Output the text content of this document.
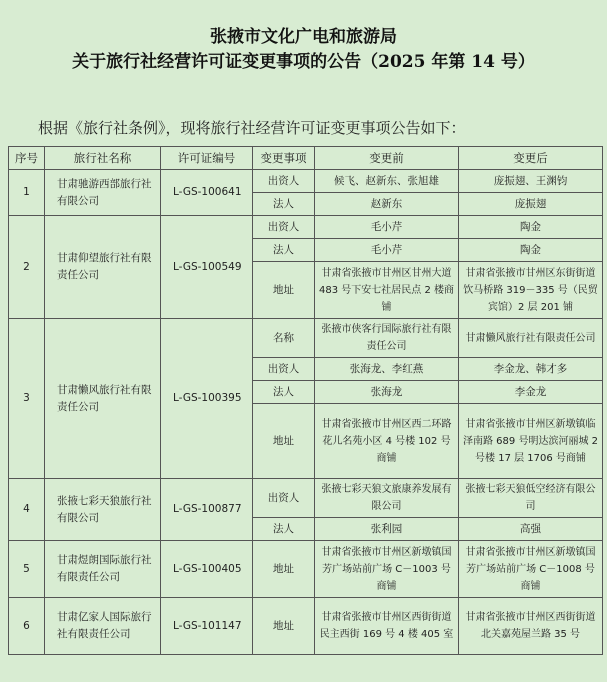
张掖市文化广电和旅游局
关于旅行社经营许可证变更事项的公告（2025 年第 14 号）
根据《旅行社条例》，现将旅行社经营许可证变更事项公告如下：
序号	旅行社名称	许可证编号	变更事项	变更前	变更后
1	甘肃驰游西部旅行社有限公司	L-GS-100641	出资人	候飞、赵新东、张旭雄	庞振翅、王渊钧
			法人	赵新东	庞振翅
2	甘肃仰望旅行社有限责任公司	L-GS-100549	出资人	毛小芹	陶金
			法人	毛小芹	陶金
			地址	甘肃省张掖市甘州区甘州大道 483 号下安七社居民点 2 楼商铺	甘肃省张掖市甘州区东街街道饮马桥路 319－335 号（民贸宾馆）2 层 201 铺
3	甘肃懒风旅行社有限责任公司	L-GS-100395	名称	张掖市侠客行国际旅行社有限责任公司	甘肃懒风旅行社有限责任公司
			出资人	张海龙、李红燕	李金龙、韩才多
			法人	张海龙	李金龙
			地址	甘肃省张掖市甘州区西二环路花儿名苑小区 4 号楼 102 号商铺	甘肃省张掖市甘州区新墩镇临泽南路 689 号明达滨河丽城 2 号楼 17 层 1706 号商铺
4	张掖七彩天狼旅行社有限公司	L-GS-100877	出资人	张掖七彩天狼文旅康养发展有限公司	张掖七彩天狼低空经济有限公司
			法人	张利园	高强
5	甘肃煜朗国际旅行社有限责任公司	L-GS-100405	地址	甘肃省张掖市甘州区新墩镇国芳广场站前广场 C－1003 号商铺	甘肃省张掖市甘州区新墩镇国芳广场站前广场 C－1008 号商铺
6	甘肃亿家人国际旅行社有限责任公司	L-GS-101147	地址	甘肃省张掖市甘州区西街街道民主西街 169 号 4 楼 405 室	甘肃省张掖市甘州区西街街道北关嘉苑屋兰路 35 号
